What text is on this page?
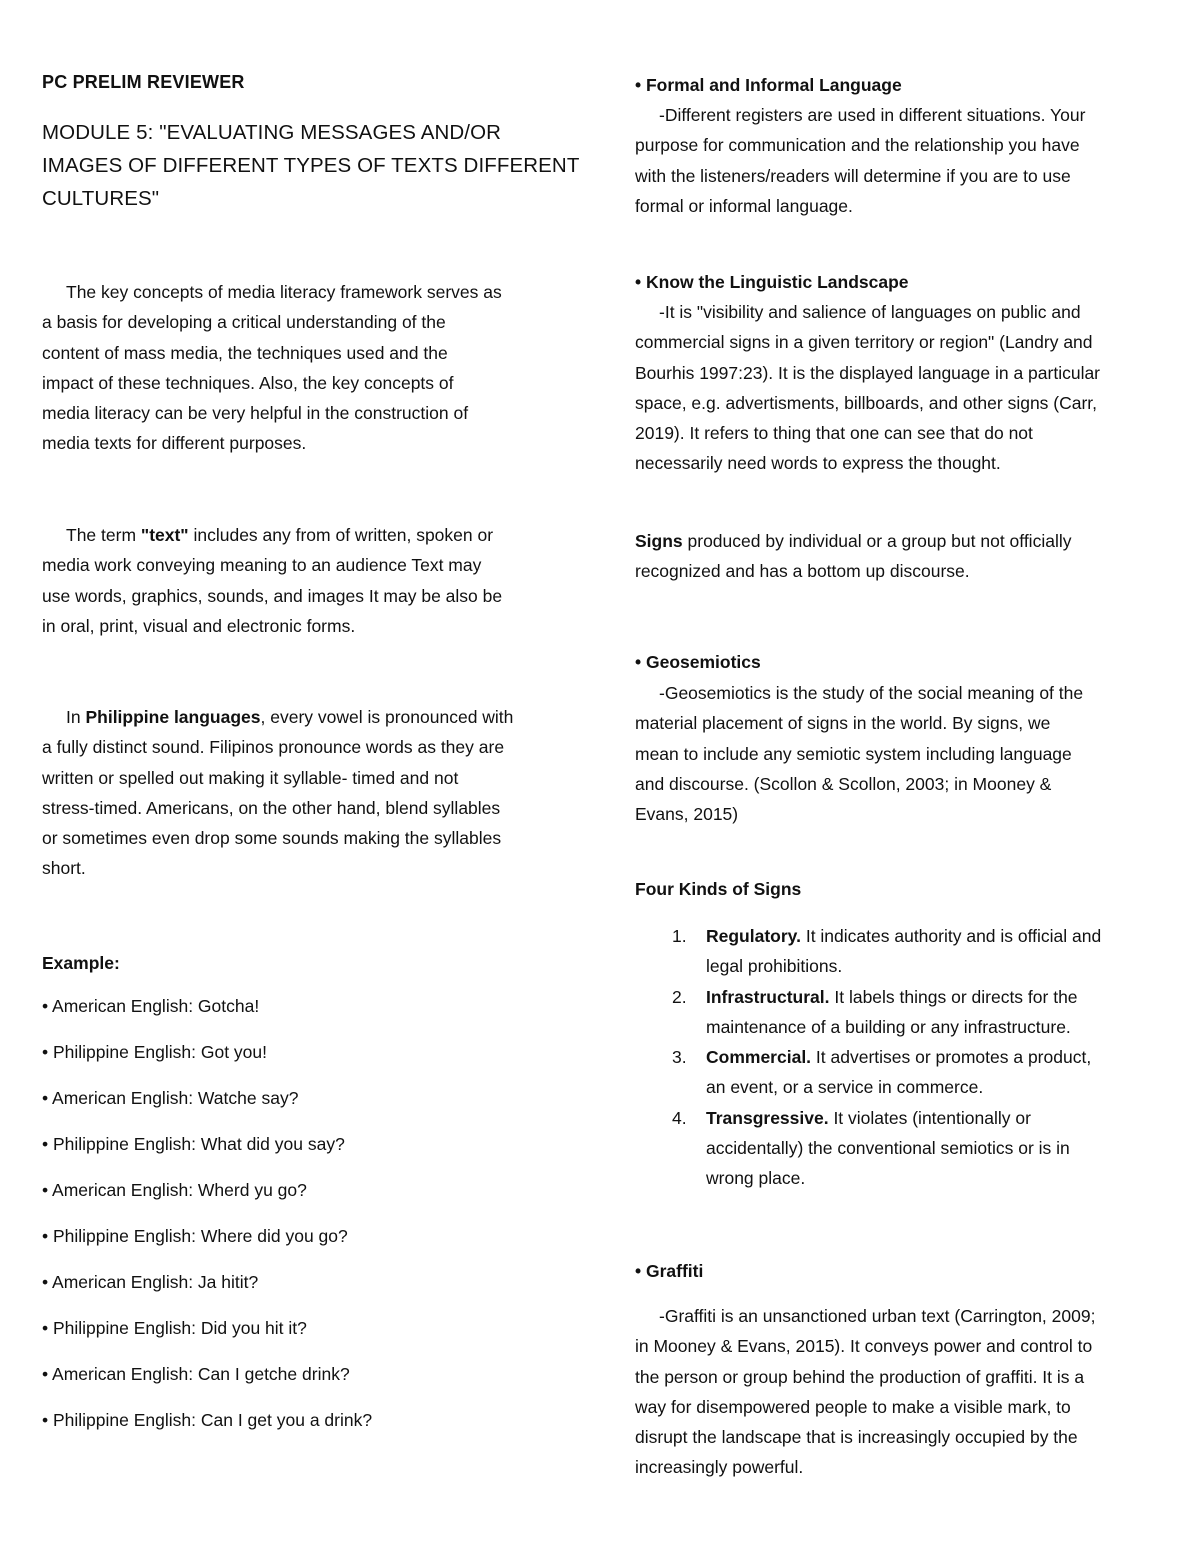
PC PRELIM REVIEWER
MODULE 5: "EVALUATING MESSAGES AND/OR
IMAGES OF DIFFERENT TYPES OF TEXTS DIFFERENT
CULTURES"
The key concepts of media literacy framework serves as
a basis for developing a critical understanding of the
content of mass media, the techniques used and the
impact of these techniques. Also, the key concepts of
media literacy can be very helpful in the construction of
media texts for different purposes.
The term "text" includes any from of written, spoken or
media work conveying meaning to an audience Text may
use words, graphics, sounds, and images It may be also be
in oral, print, visual and electronic forms.
In Philippine languages, every vowel is pronounced with
a fully distinct sound. Filipinos pronounce words as they are
written or spelled out making it syllable- timed and not
stress-timed. Americans, on the other hand, blend syllables
or sometimes even drop some sounds making the syllables
short.
Example:
• American English: Gotcha!
• Philippine English: Got you!
• American English: Watche say?
• Philippine English: What did you say?
• American English: Wherd yu go?
• Philippine English: Where did you go?
• American English: Ja hitit?
• Philippine English: Did you hit it?
• American English: Can I getche drink?
• Philippine English: Can I get you a drink?
• Formal and Informal Language
-Different registers are used in different situations. Your
purpose for communication and the relationship you have
with the listeners/readers will determine if you are to use
formal or informal language.
• Know the Linguistic Landscape
-It is "visibility and salience of languages on public and
commercial signs in a given territory or region" (Landry and
Bourhis 1997:23). It is the displayed language in a particular
space, e.g. advertisments, billboards, and other signs (Carr,
2019). It refers to thing that one can see that do not
necessarily need words to express the thought.
Signs produced by individual or a group but not officially
recognized and has a bottom up discourse.
• Geosemiotics
-Geosemiotics is the study of the social meaning of the
material placement of signs in the world. By signs, we
mean to include any semiotic system including language
and discourse. (Scollon & Scollon, 2003; in Mooney &
Evans, 2015)
Four Kinds of Signs
1. Regulatory. It indicates authority and is official and
legal prohibitions.
2. Infrastructural. It labels things or directs for the
maintenance of a building or any infrastructure.
3. Commercial. It advertises or promotes a product,
an event, or a service in commerce.
4. Transgressive. It violates (intentionally or
accidentally) the conventional semiotics or is in
wrong place.
• Graffiti
-Graffiti is an unsanctioned urban text (Carrington, 2009;
in Mooney & Evans, 2015). It conveys power and control to
the person or group behind the production of graffiti. It is a
way for disempowered people to make a visible mark, to
disrupt the landscape that is increasingly occupied by the
increasingly powerful.
